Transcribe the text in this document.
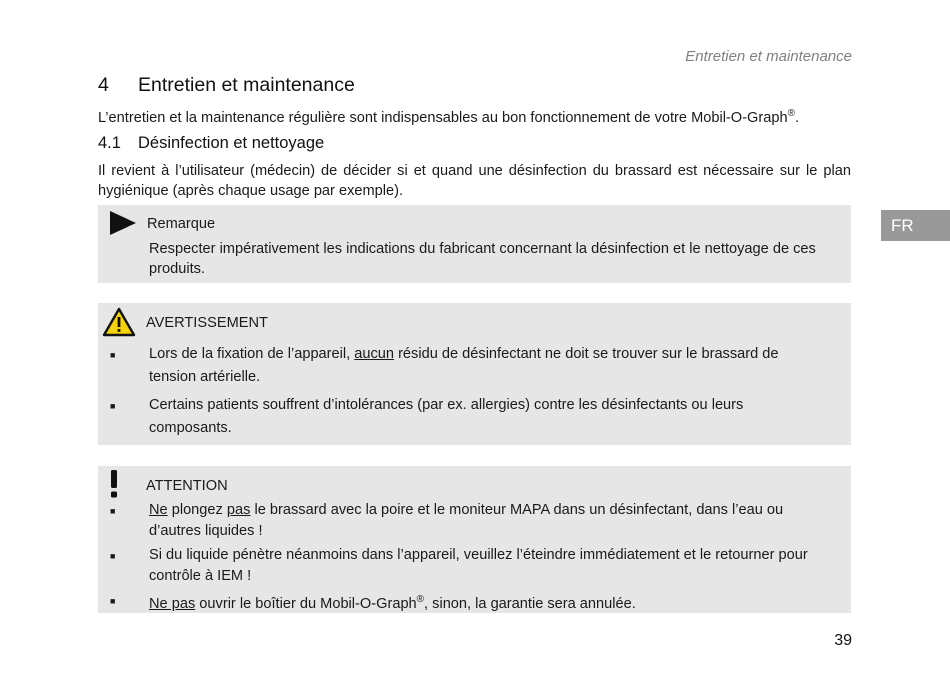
Entretien et maintenance
4 Entretien et maintenance
L’entretien et la maintenance régulière sont indispensables au bon fonctionnement de votre Mobil-O-Graph®.
4.1 Désinfection et nettoyage
Il revient à l’utilisateur (médecin) de décider si et quand une désinfection du brassard est nécessaire sur le plan hygiénique (après chaque usage par exemple).
Remarque
Respecter impérativement les indications du fabricant concernant la désinfection et le nettoyage de ces produits.
AVERTISSEMENT
■ Lors de la fixation de l’appareil, aucun résidu de désinfectant ne doit se trouver sur le brassard de tension artérielle.
■ Certains patients souffrent d’intolérances (par ex. allergies) contre les désinfectants ou leurs composants.
ATTENTION
■ Ne plongez pas le brassard avec la poire et le moniteur MAPA dans un désinfectant, dans l’eau ou d’autres liquides !
■ Si du liquide pénètre néanmoins dans l’appareil, veuillez l’éteindre immédiatement et le retourner pour contrôle à IEM !
■ Ne pas ouvrir le boîtier du Mobil-O-Graph®, sinon, la garantie sera annulée.
FR
39
